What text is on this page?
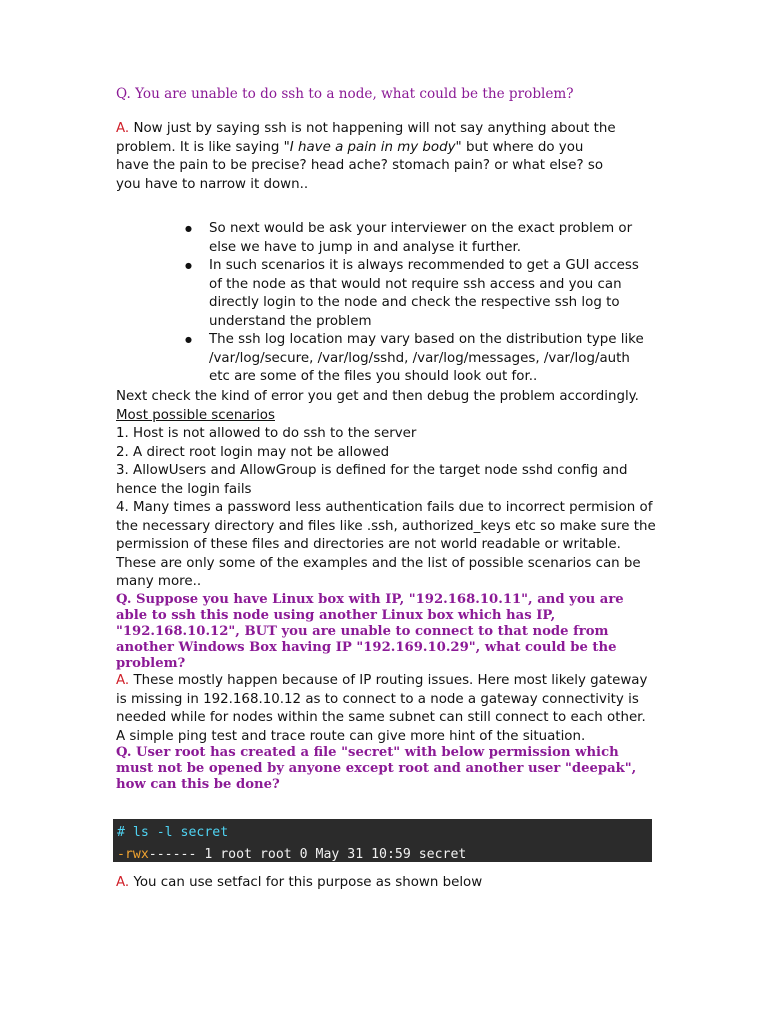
Q. You are unable to do ssh to a node, what could be the problem?
A. Now just by saying ssh is not happening will not say anything about the problem. It is like saying "I have a pain in my body" but where do you have the pain to be precise? head ache? stomach pain? or what else? so you have to narrow it down..
● So next would be ask your interviewer on the exact problem or else we have to jump in and analyse it further.
● In such scenarios it is always recommended to get a GUI access of the node as that would not require ssh access and you can directly login to the node and check the respective ssh log to understand the problem
● The ssh log location may vary based on the distribution type like /var/log/secure, /var/log/sshd, /var/log/messages, /var/log/auth etc are some of the files you should look out for..
Next check the kind of error you get and then debug the problem accordingly.
Most possible scenarios
1. Host is not allowed to do ssh to the server
2. A direct root login may not be allowed
3. AllowUsers and AllowGroup is defined for the target node sshd config and hence the login fails
4. Many times a password less authentication fails due to incorrect permision of the necessary directory and files like .ssh, authorized_keys etc so make sure the permission of these files and directories are not world readable or writable.
These are only some of the examples and the list of possible scenarios can be many more..
Q. Suppose you have Linux box with IP, "192.168.10.11", and you are able to ssh this node using another Linux box which has IP, "192.168.10.12", BUT you are unable to connect to that node from another Windows Box having IP "192.169.10.29", what could be the problem?
A. These mostly happen because of IP routing issues. Here most likely gateway is missing in 192.168.10.12 as to connect to a node a gateway connectivity is needed while for nodes within the same subnet can still connect to each other. A simple ping test and trace route can give more hint of the situation.
Q. User root has created a file "secret" with below permission which must not be opened by anyone except root and another user "deepak", how can this be done?
# ls -l secret
-rwx------ 1 root root 0 May 31 10:59 secret
A. You can use setfacl for this purpose as shown below
